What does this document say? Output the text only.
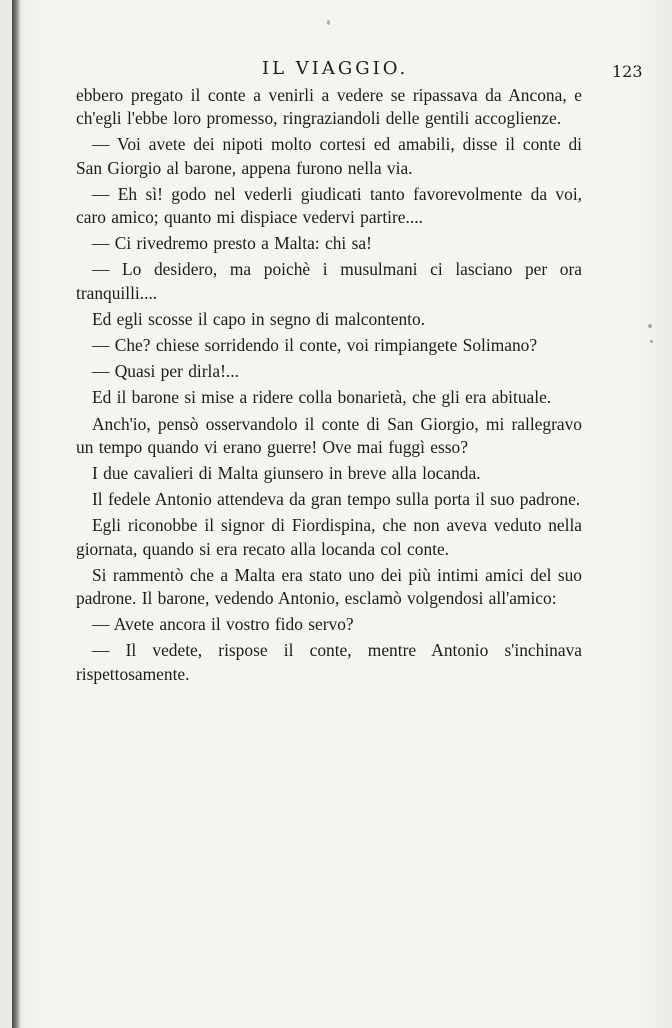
IL VIAGGIO.	123

ebbero pregato il conte a venirli a vedere se ripassava da Ancona, e ch'egli l'ebbe loro promesso, ringraziandoli delle gentili accoglienze.

— Voi avete dei nipoti molto cortesi ed amabili, disse il conte di San Giorgio al barone, appena furono nella via.

— Eh sì! godo nel vederli giudicati tanto favorevolmente da voi, caro amico; quanto mi dispiace vedervi partire....

— Ci rivedremo presto a Malta: chi sa!

— Lo desidero, ma poichè i musulmani ci lasciano per ora tranquilli....

Ed egli scosse il capo in segno di malcontento.

— Che? chiese sorridendo il conte, voi rimpiangete Solimano?

— Quasi per dirla!...

Ed il barone si mise a ridere colla bonarietà, che gli era abituale.

Anch'io, pensò osservandolo il conte di San Giorgio, mi rallegravo un tempo quando vi erano guerre! Ove mai fuggì esso?

I due cavalieri di Malta giunsero in breve alla locanda.

Il fedele Antonio attendeva da gran tempo sulla porta il suo padrone.

Egli riconobbe il signor di Fiordispina, che non aveva veduto nella giornata, quando si era recato alla locanda col conte.

Si rammentò che a Malta era stato uno dei più intimi amici del suo padrone. Il barone, vedendo Antonio, esclamò volgendosi all'amico:

— Avete ancora il vostro fido servo?

— Il vedete, rispose il conte, mentre Antonio s'inchinava rispettosamente.
